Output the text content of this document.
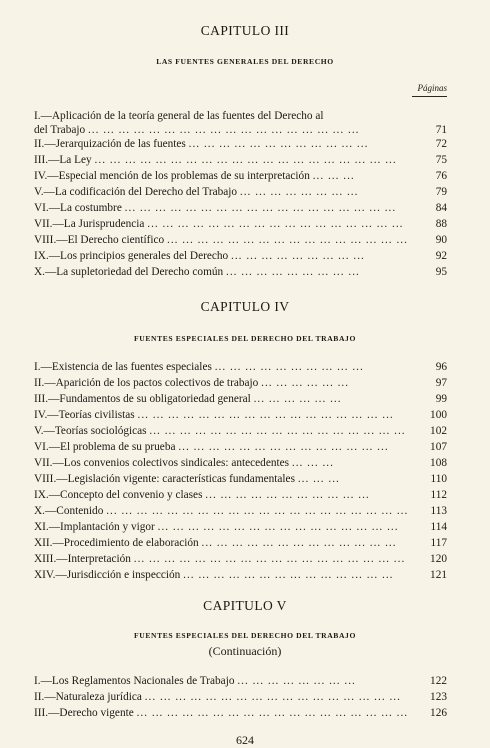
CAPITULO III
LAS FUENTES GENERALES DEL DERECHO
Páginas
I.—Aplicación de la teoría general de las fuentes del Derecho al
del Trabajo ... ... ... ... ... ... ... ... ... ... ... ... ... ... ... ... ... ...	71
II.—Jerarquización de las fuentes ... ... ... ... ... ... ... ... ... ... ... ...	72
III.—La Ley ... ... ... ... ... ... ... ... ... ... ... ... ... ... ... ... ... ... ... ...	75
IV.—Especial mención de los problemas de su interpretación ... ... ...	76
V.—La codificación del Derecho del Trabajo ... ... ... ... ... ... ... ...	79
VI.—La costumbre ... ... ... ... ... ... ... ... ... ... ... ... ... ... ... ... ... ...	84
VII.—La Jurisprudencia ... ... ... ... ... ... ... ... ... ... ... ... ... ... ... ... ...	88
VIII.—El Derecho científico ... ... ... ... ... ... ... ... ... ... ... ... ... ... ... ...	90
IX.—Los principios generales del Derecho ... ... ... ... ... ... ... ... ...	92
X.—La supletoriedad del Derecho común ... ... ... ... ... ... ... ... ...	95
CAPITULO IV
FUENTES ESPECIALES DEL DERECHO DEL TRABAJO
I.—Existencia de las fuentes especiales ... ... ... ... ... ... ... ... ... ...	96
II.—Aparición de los pactos colectivos de trabajo ... ... ... ... ... ...	97
III.—Fundamentos de su obligatoriedad general ... ... ... ... ... ...	99
IV.—Teorías civilistas ... ... ... ... ... ... ... ... ... ... ... ... ... ... ... ... ...	100
V.—Teorías sociológicas ... ... ... ... ... ... ... ... ... ... ... ... ... ... ... ... ...	102
VI.—El problema de su prueba ... ... ... ... ... ... ... ... ... ... ... ... ... ...	107
VII.—Los convenios colectivos sindicales: antecedentes ... ... ...	108
VIII.—Legislación vigente: características fundamentales ... ... ...	110
IX.—Concepto del convenio y clases ... ... ... ... ... ... ... ... ... ... ...	112
X.—Contenido ... ... ... ... ... ... ... ... ... ... ... ... ... ... ... ... ... ... ... ...	113
XI.—Implantación y vigor ... ... ... ... ... ... ... ... ... ... ... ... ... ... ... ...	114
XII.—Procedimiento de elaboración ... ... ... ... ... ... ... ... ... ... ... ... ...	117
XIII.—Interpretación ... ... ... ... ... ... ... ... ... ... ... ... ... ... ... ... ... ...	120
XIV.—Jurisdicción e inspección ... ... ... ... ... ... ... ... ... ... ... ... ... ...	121
CAPITULO V
FUENTES ESPECIALES DEL DERECHO DEL TRABAJO
(Continuación)
I.—Los Reglamentos Nacionales de Trabajo ... ... ... ... ... ... ... ...	122
II.—Naturaleza jurídica ... ... ... ... ... ... ... ... ... ... ... ... ... ... ... ... ...	123
III.—Derecho vigente ... ... ... ... ... ... ... ... ... ... ... ... ... ... ... ... ... ...	126
624
